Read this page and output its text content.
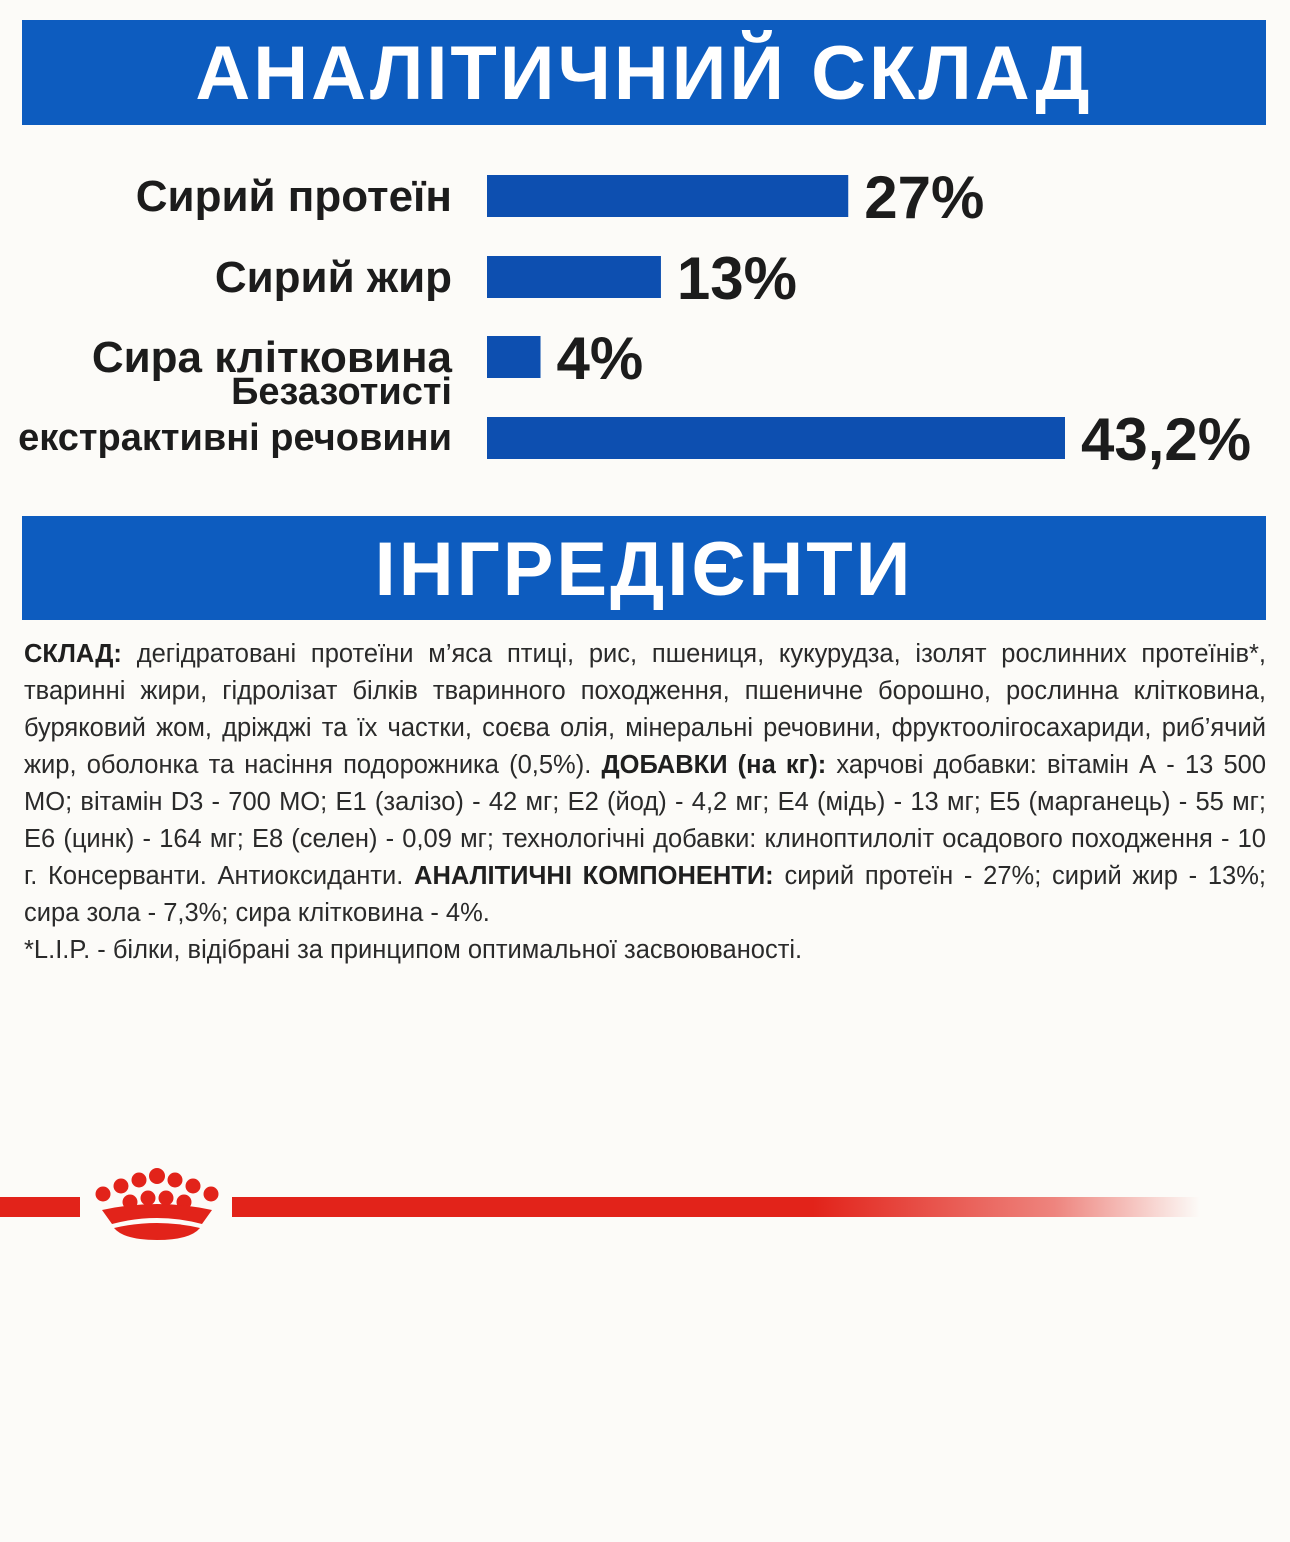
АНАЛІТИЧНИЙ СКЛАД
Сирий протеїн	27%
Сирий жир	13%
Сира клітковина 4%
Безазотисті
екстрактивні речовини	43,2%
ІНГРЕДІЄНТИ

СКЛАД: дегідратовані протеїни м’яса птиці, рис, пшениця, кукурудза, ізолят рослинних протеїнів*, тваринні жири, гідролізат білків тваринного походження, пшеничне борошно, рослинна клітковина, буряковий жом, дріжджі та їх частки, соєва олія, мінеральні речовини, фруктоолігосахариди, риб’ячий жир, оболонка та насіння подорожника (0,5%). ДОБАВКИ (на кг): харчові добавки: вітамін А - 13 500 МО; вітамін D3 - 700 МО; Е1 (залізо) - 42 мг; Е2 (йод) - 4,2 мг; Е4 (мідь) - 13 мг; Е5 (марганець) - 55 мг; Е6 (цинк) - 164 мг; Е8 (селен) - 0,09 мг; технологічні добавки: клиноптилоліт осадового походження - 10 г. Консерванти. Антиоксиданти. АНАЛІТИЧНІ КОМПОНЕНТИ: сирий протеїн - 27%; сирий жир - 13%; сира зола - 7,3%; сира клітковина - 4%.

*L.I.P. - білки, відібрані за принципом оптимальної засвоюваності.
